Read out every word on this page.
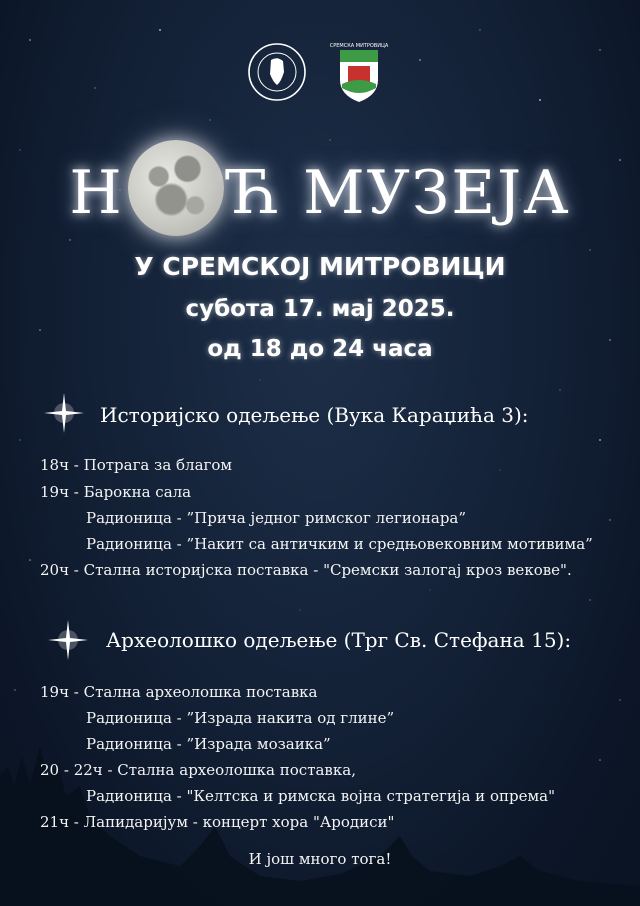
СРЕМСКА МИТРОВИЦА
Н Ћ МУЗЕЈА
У СРЕМСКОЈ МИТРОВИЦИ
субота 17. мај 2025.
од 18 до 24 часа
Историјско одељење (Вука Караџића 3):
18ч - Потрага за благом
19ч - Барокна сала
Радионица - ”Прича једног римског легионара”
Радионица - ”Накит са античким и средњовековним мотивима”
20ч - Стална историјска поставка - "Сремски залогај кроз векове".
Археолошко одељење (Трг Св. Стефана 15):
19ч - Стална археолошка поставка
Радионица - ”Израда накита од глине”
Радионица - ”Израда мозаика”
20 - 22ч - Стална археолошка поставка,
Радионица - "Келтска и римска војна стратегија и опрема"
21ч - Лапидаријум - концерт хора "Ародиси"
И још много тога!
